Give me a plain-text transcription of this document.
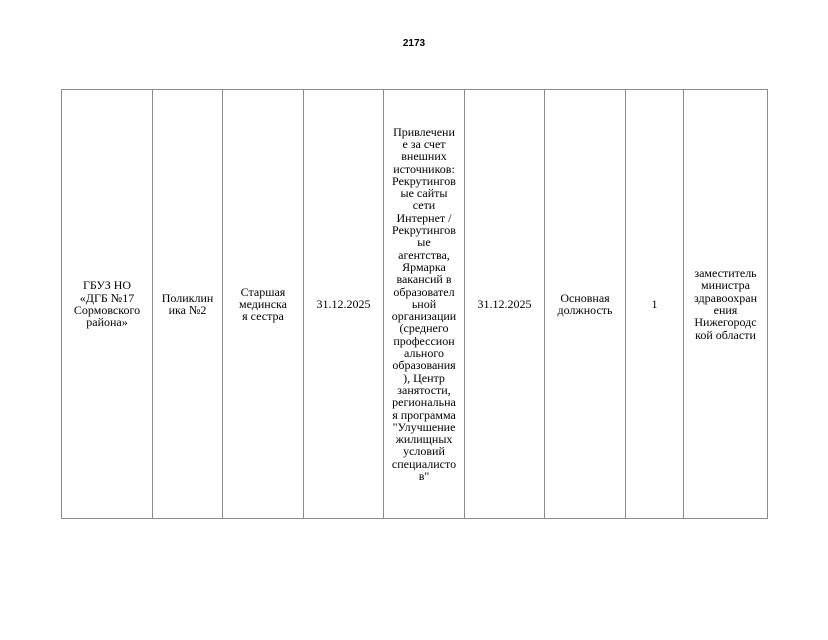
2173
ГБУЗ НО
«ДГБ №17
Сормовского
района»	Поликлин
ика №2	Старшая
мединска
я сестра	31.12.2025	Привлечени
е за счет
внешних
источников:
Рекрутингов
ые сайты
сети
Интернет /
Рекрутингов
ые
агентства,
Ярмарка
вакансий в
образовател
ьной
организации
(среднего
профессион
ального
образования
), Центр
занятости,
региональна
я программа
"Улучшение
жилищных
условий
специалисто
в"	31.12.2025	Основная
должность	1	заместитель
министра
здравоохран
ения
Нижегородс
кой области
